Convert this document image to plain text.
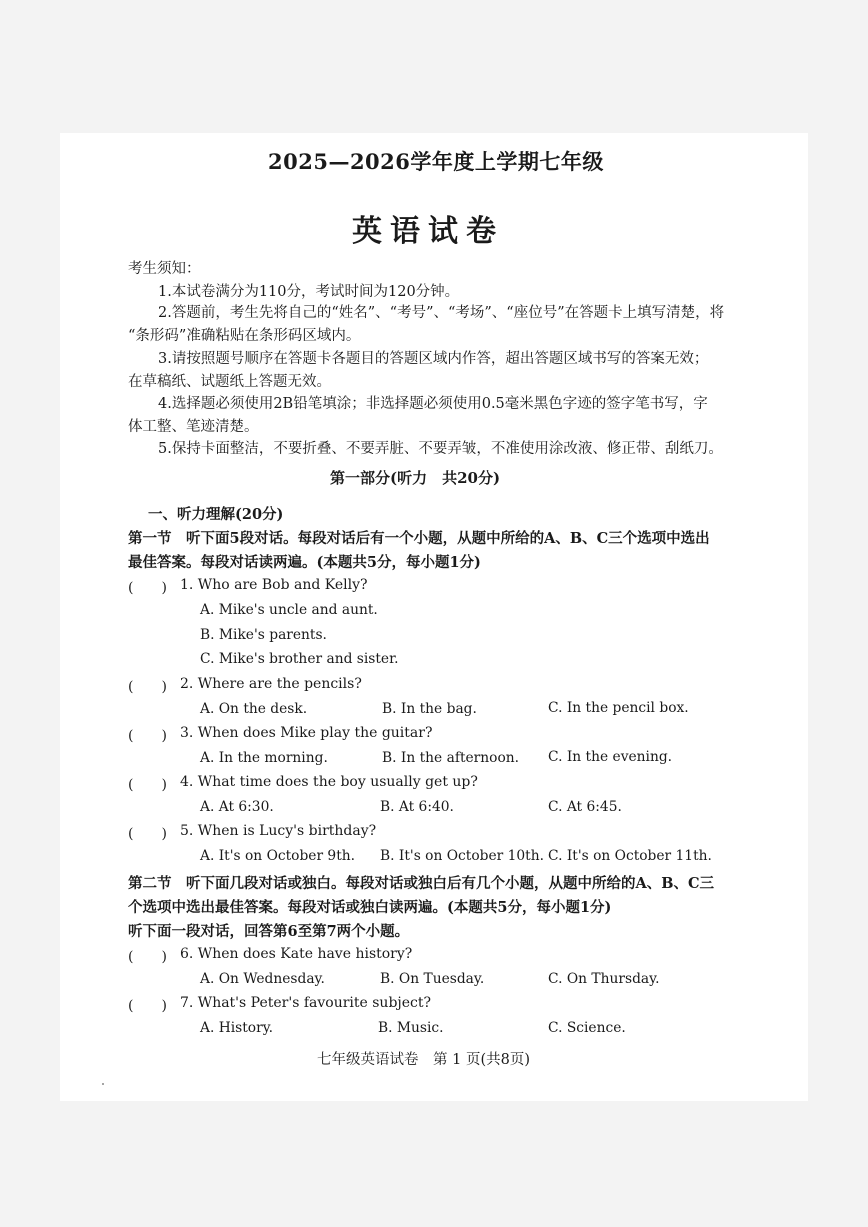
2025—2026学年度上学期七年级
英语试卷
考生须知：
1.本试卷满分为110分，考试时间为120分钟。
2.答题前，考生先将自己的“姓名”、“考号”、“考场”、“座位号”在答题卡上填写清楚，将
“条形码”准确粘贴在条形码区域内。
3.请按照题号顺序在答题卡各题目的答题区域内作答，超出答题区域书写的答案无效；
在草稿纸、试题纸上答题无效。
4.选择题必须使用2B铅笔填涂；非选择题必须使用0.5毫米黑色字迹的签字笔书写，字
体工整、笔迹清楚。
5.保持卡面整洁，不要折叠、不要弄脏、不要弄皱，不准使用涂改液、修正带、刮纸刀。
第一部分(听力　共20分)
一、听力理解(20分)
第一节　听下面5段对话。每段对话后有一个小题，从题中所给的A、B、C三个选项中选出
最佳答案。每段对话读两遍。(本题共5分，每小题1分)
(　　) 1. Who are Bob and Kelly?
A. Mike's uncle and aunt.
B. Mike's parents.
C. Mike's brother and sister.
(　　) 2. Where are the pencils?
A. On the desk.	B. In the bag.	C. In the pencil box.
(　　) 3. When does Mike play the guitar?
A. In the morning.	B. In the afternoon. C. In the evening.
(　　) 4. What time does the boy usually get up?
A. At 6:30.	B. At 6:40.	C. At 6:45.
(　　) 5. When is Lucy's birthday?
A. It's on October 9th. B. It's on October 10th. C. It's on October 11th.
第二节　听下面几段对话或独白。每段对话或独白后有几个小题，从题中所给的A、B、C三
个选项中选出最佳答案。每段对话或独白读两遍。(本题共5分，每小题1分)
听下面一段对话，回答第6至第7两个小题。
(　　) 6. When does Kate have history?
A. On Wednesday.	B. On Tuesday.	C. On Thursday.
(　　) 7. What's Peter's favourite subject?
A. History.	B. Music.	C. Science.
七年级英语试卷　第 1 页(共8页)
